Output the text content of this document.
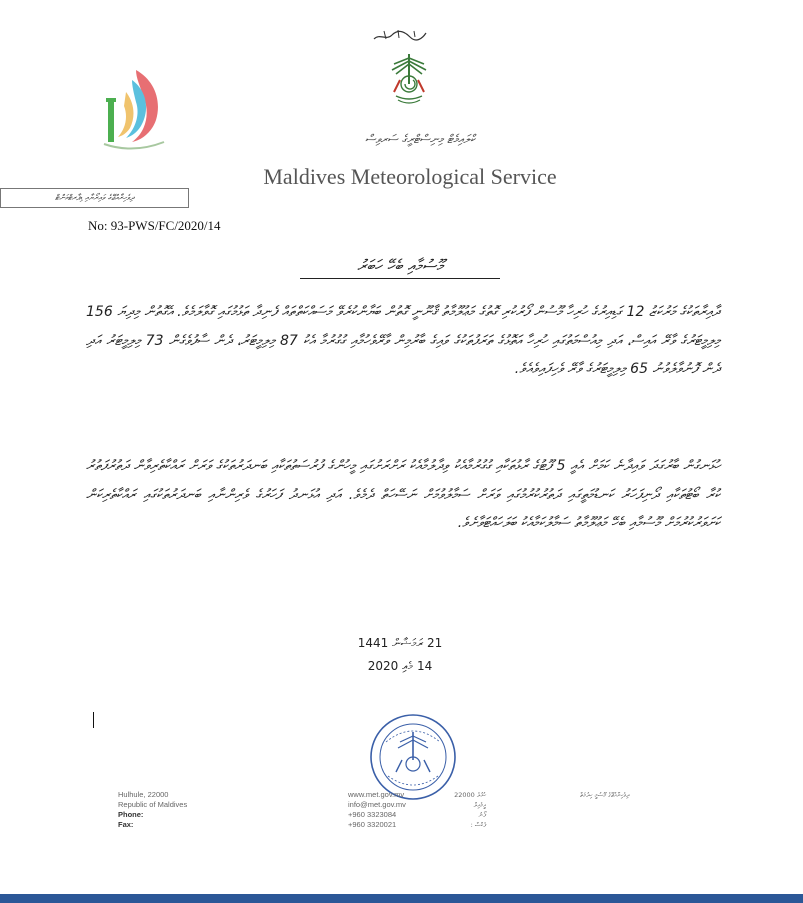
ކްލައިމެޓް މިނިސްޓްރީގެ ސަރވިސް
Maldives Meteorological Service
ދިވެހިރާއްޖޭގެ ވައިރޯޔާއި ޑިޕާރޓްމަންޓް
No: 93-PWS/FC/2020/14
މޫސުމާއި ބެހޭ ހަބަރު
ދާއިރާތަކުގެ މަރުކަޒު 12 ގަޑިއިރުގެ ހުރިހާ މޫސުން ފޯރުކުރި ގޮތުގެ މަޢުލޫމާތު ޤާނޫނީ ގޮތުން ބަޔާންކުރެވޭ މަސައްކަތްތައް ފެނިދާ ތަޅުމުގައި ގޮވާލަމެވެ. އެގޮތުން މިދިޔަ 156 މިލިމީޓަރުގެ ވާރޭ އައިސް، އަދި މިއުސްމަތުގައި ހުރިހާ އަތޮޅުގެ ތަރަފުތަކުގެ ވައިގެ ބާރުމިން ވާރޭވެހުމާއި ގުގުރުމާ އެކު 87 މިލިމީޓަރު، ދެން ސާފުވެގެން 73 މިލިމީޓަރު އަދި ދެން ފޮނުވާލެވުނު 65 މިލިމީޓަރުގެ ވާރޭ ވެހިފައިވެއެވެ.
ހުޅަނގުން ބާރުގަދަ ވައިދާނެ ކަމަށް އެއީ 5 ފޫޓުގެ ރާޅުތަކާއި ގުގުރުމާއެކު ވިދާލުމާއެކު ރަށްރަށުގައި މީހުންގެ ފުރުސަތުތަކާއި ބަނދަރުތަކުގެ ވަރަށް ރައްކާތެރިވާން ދަތުރުފަތުރު ކުރާ ބޯޓުތަކާއި ދޯނިފަހަރު ކަނޑުމަތީގައި ދަތުރުކުރުމުގައި ވަރަށް ސަމާލުވުމަށް ނަސޭހަތް ދެމެވެ. އަދި އުޅަނދު ފަހަރުގެ ވެރިންނާއި ބަނދަރުތަކުގައި ރައްކާތެރިކަން ކަށަވަރުކުރުމަށް މޫސުމާއި ބެހޭ މަޢުލޫމާތު ސަމާލުކަމާއެކު ބަލަހައްޓަވާށެވެ.
21 ރަމަޟާން 1441
14 މެއި 2020
Hulhule, 22000
Republic of Maldives
Phone:
Fax:
www.met.gov.mv
info@met.gov.mv
+960 3323084
+960 3320021
ހުޅުލެ 22000
އީމެއިލް
ފޯނު
ފެކްސް :
ދިވެހިރާއްޖޭގެ މޫސުމީ ހިދުމަތް
